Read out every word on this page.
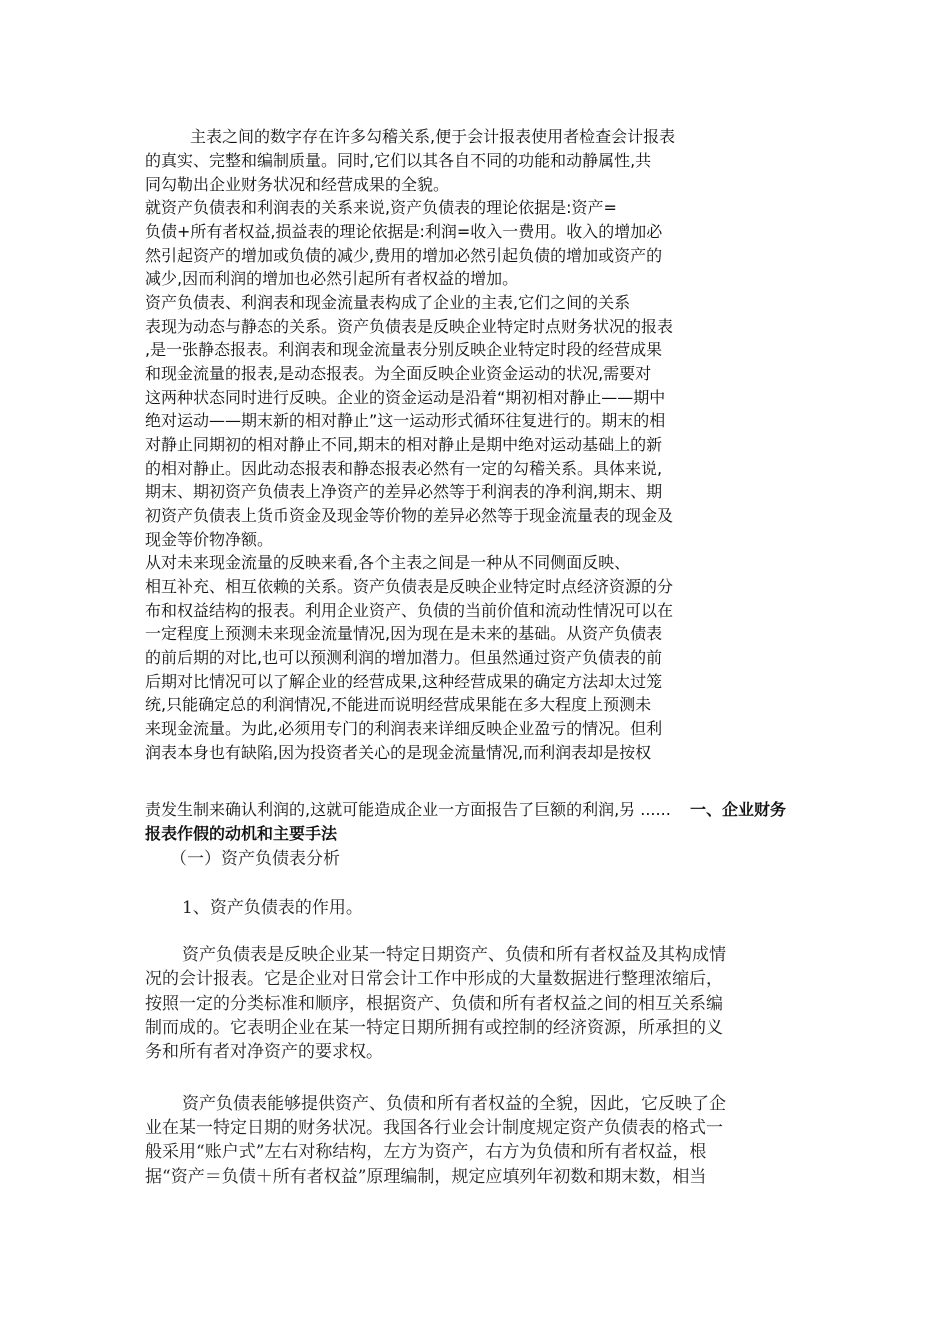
主表之间的数字存在许多勾稽关系,便于会计报表使用者检查会计报表
的真实、完整和编制质量。同时,它们以其各自不同的功能和动静属性,共
同勾勒出企业财务状况和经营成果的全貌。
就资产负债表和利润表的关系来说,资产负债表的理论依据是:资产=
负债+所有者权益,损益表的理论依据是:利润=收入一费用。收入的增加必
然引起资产的增加或负债的减少,费用的增加必然引起负债的增加或资产的
减少,因而利润的增加也必然引起所有者权益的增加。
资产负债表、利润表和现金流量表构成了企业的主表,它们之间的关系
表现为动态与静态的关系。资产负债表是反映企业特定时点财务状况的报表
,是一张静态报表。利润表和现金流量表分别反映企业特定时段的经营成果
和现金流量的报表,是动态报表。为全面反映企业资金运动的状况,需要对
这两种状态同时进行反映。企业的资金运动是沿着“期初相对静止——期中
绝对运动——期末新的相对静止”这一运动形式循环往复进行的。期末的相
对静止同期初的相对静止不同,期末的相对静止是期中绝对运动基础上的新
的相对静止。因此动态报表和静态报表必然有一定的勾稽关系。具体来说,
期末、期初资产负债表上净资产的差异必然等于利润表的净利润,期末、期
初资产负债表上货币资金及现金等价物的差异必然等于现金流量表的现金及
现金等价物净额。
从对未来现金流量的反映来看,各个主表之间是一种从不同侧面反映、
相互补充、相互依赖的关系。资产负债表是反映企业特定时点经济资源的分
布和权益结构的报表。利用企业资产、负债的当前价值和流动性情况可以在
一定程度上预测未来现金流量情况,因为现在是未来的基础。从资产负债表
的前后期的对比,也可以预测利润的增加潜力。但虽然通过资产负债表的前
后期对比情况可以了解企业的经营成果,这种经营成果的确定方法却太过笼
统,只能确定总的利润情况,不能进而说明经营成果能在多大程度上预测未
来现金流量。为此,必须用专门的利润表来详细反映企业盈亏的情况。但利
润表本身也有缺陷,因为投资者关心的是现金流量情况,而利润表却是按权
责发生制来确认利润的,这就可能造成企业一方面报告了巨额的利润,另 ...... 一、企业财务
报表作假的动机和主要手法
（一）资产负债表分析
1、资产负债表的作用。
资产负债表是反映企业某一特定日期资产、负债和所有者权益及其构成情
况的会计报表。它是企业对日常会计工作中形成的大量数据进行整理浓缩后，
按照一定的分类标准和顺序，根据资产、负债和所有者权益之间的相互关系编
制而成的。它表明企业在某一特定日期所拥有或控制的经济资源，所承担的义
务和所有者对净资产的要求权。
资产负债表能够提供资产、负债和所有者权益的全貌，因此，它反映了企
业在某一特定日期的财务状况。我国各行业会计制度规定资产负债表的格式一
般采用“账户式”左右对称结构，左方为资产，右方为负债和所有者权益，根
据“资产＝负债＋所有者权益”原理编制，规定应填列年初数和期末数，相当
